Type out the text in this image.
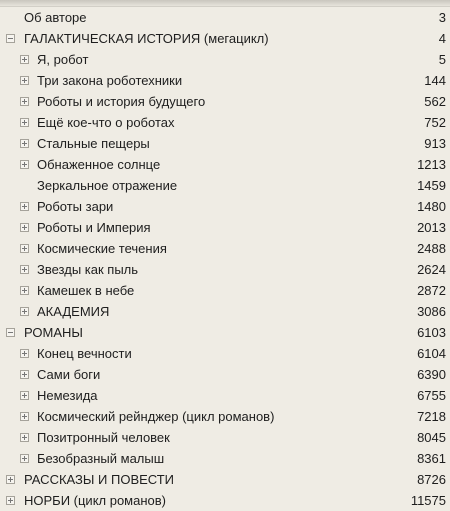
Об авторе	3
ГАЛАКТИЧЕСКАЯ ИСТОРИЯ (мегацикл)	4
Я, робот	5
Три закона роботехники	144
Роботы и история будущего	562
Ещё кое-что о роботах	752
Стальные пещеры	913
Обнаженное солнце	1213
Зеркальное отражение	1459
Роботы зари	1480
Роботы и Империя	2013
Космические течения	2488
Звезды как пыль	2624
Камешек в небе	2872
АКАДЕМИЯ	3086
РОМАНЫ	6103
Конец вечности	6104
Сами боги	6390
Немезида	6755
Космический рейнджер (цикл романов)	7218
Позитронный человек	8045
Безобразный малыш	8361
РАССКАЗЫ И ПОВЕСТИ	8726
НОРБИ (цикл романов)	11575
